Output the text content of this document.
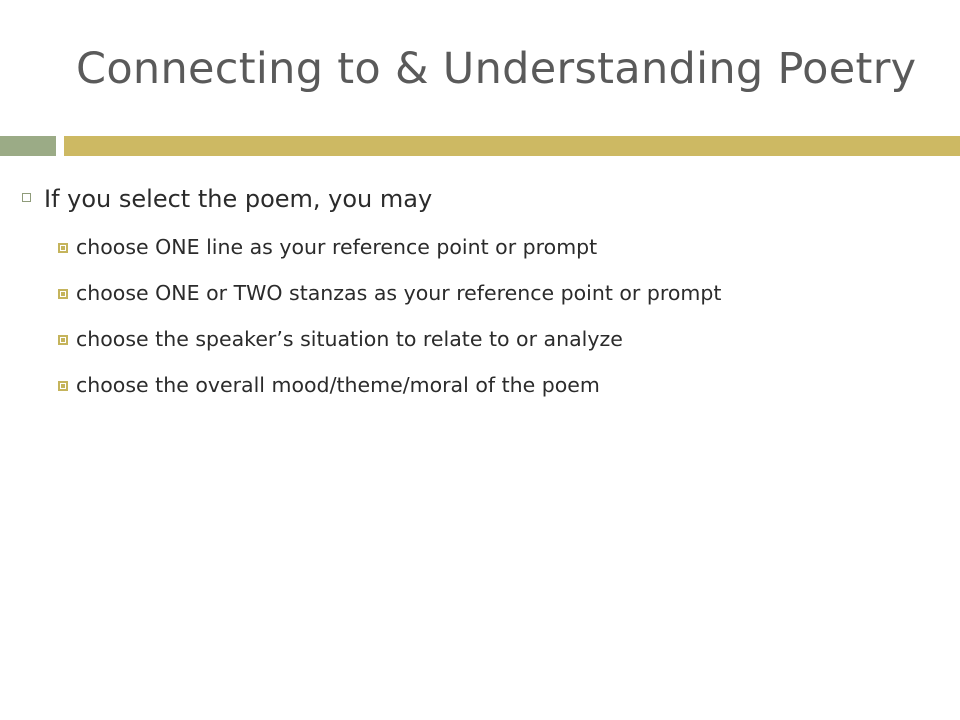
Connecting to & Understanding Poetry
If you select the poem, you may
choose ONE line as your reference point or prompt
choose ONE or TWO stanzas as your reference point or prompt
choose the speaker’s situation to relate to or analyze
choose the overall mood/theme/moral of the poem
